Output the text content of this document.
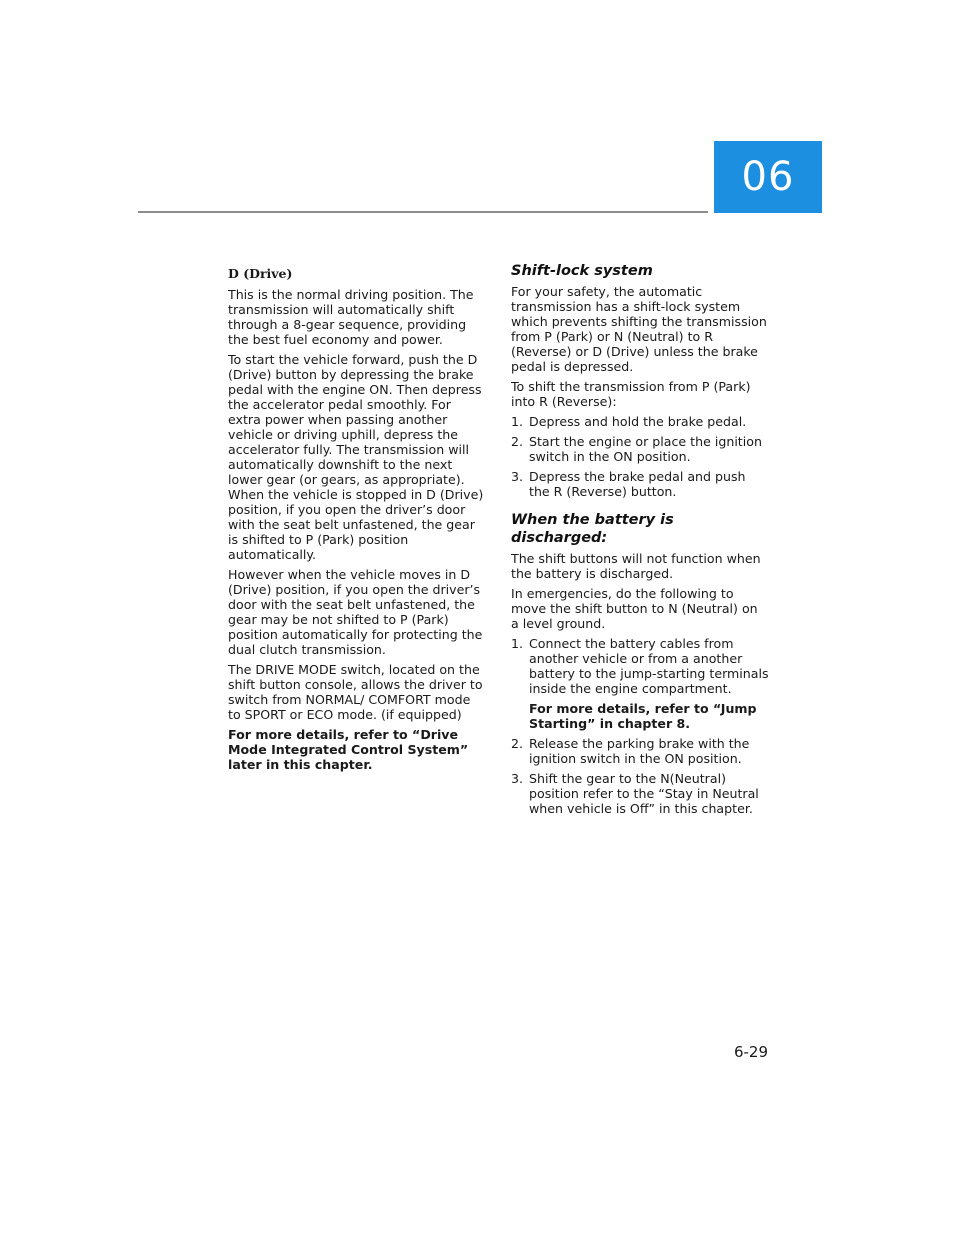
06
D (Drive)

This is the normal driving position. The transmission will automatically shift through a 8-gear sequence, providing the best fuel economy and power.

To start the vehicle forward, push the D (Drive) button by depressing the brake pedal with the engine ON. Then depress the accelerator pedal smoothly. For extra power when passing another vehicle or driving uphill, depress the accelerator fully. The transmission will automatically downshift to the next lower gear (or gears, as appropriate). When the vehicle is stopped in D (Drive) position, if you open the driver’s door with the seat belt unfastened, the gear is shifted to P (Park) position automatically.

However when the vehicle moves in D (Drive) position, if you open the driver’s door with the seat belt unfastened, the gear may be not shifted to P (Park) position automatically for protecting the dual clutch transmission.

The DRIVE MODE switch, located on the shift button console, allows the driver to switch from NORMAL/ COMFORT mode to SPORT or ECO mode. (if equipped)

For more details, refer to “Drive Mode Integrated Control System” later in this chapter.

Shift-lock system

For your safety, the automatic transmission has a shift-lock system which prevents shifting the transmission from P (Park) or N (Neutral) to R (Reverse) or D (Drive) unless the brake pedal is depressed.

To shift the transmission from P (Park) into R (Reverse):

1. Depress and hold the brake pedal.
2. Start the engine or place the ignition switch in the ON position.
3. Depress the brake pedal and push the R (Reverse) button.
When the battery is discharged:

The shift buttons will not function when the battery is discharged.

In emergencies, do the following to move the shift button to N (Neutral) on a level ground.

1. Connect the battery cables from another vehicle or from a another battery to the jump-starting terminals inside the engine compartment.
For more details, refer to “Jump Starting” in chapter 8.
2. Release the parking brake with the ignition switch in the ON position.
3. Shift the gear to the N(Neutral) position refer to the “Stay in Neutral when vehicle is Off” in this chapter.
6-29
